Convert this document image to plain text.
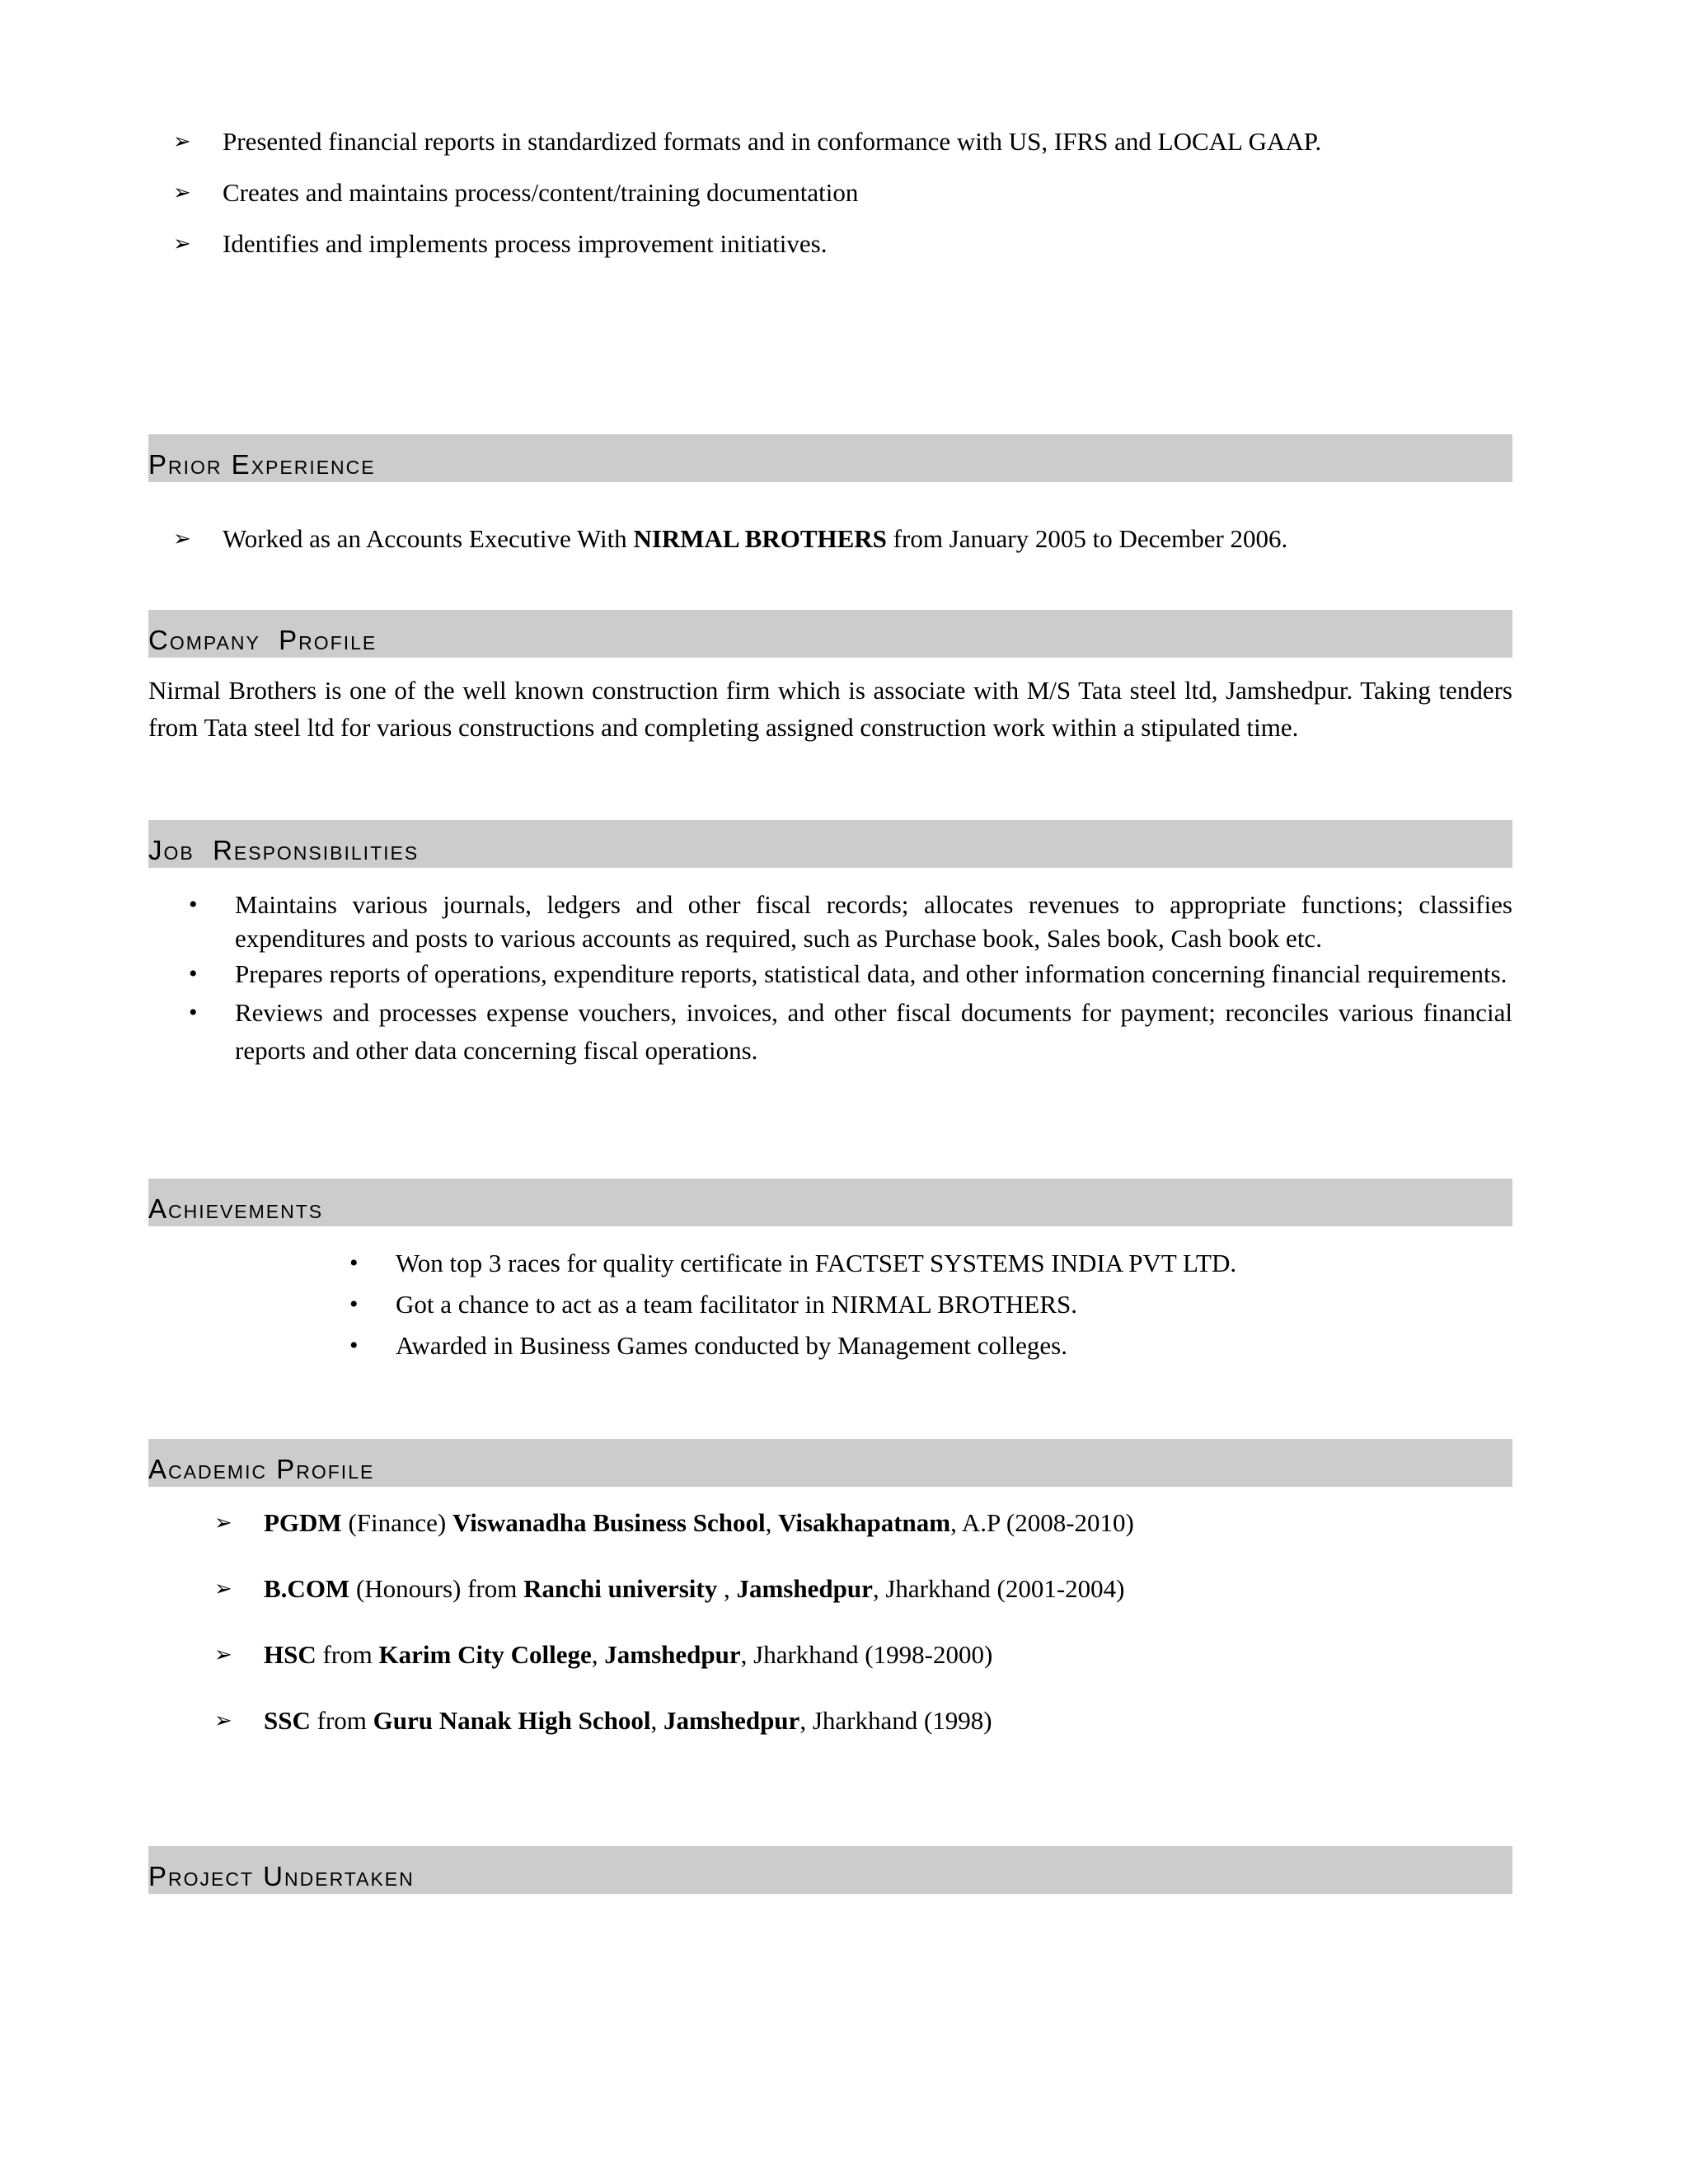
➢ Presented financial reports in standardized formats and in conformance with US, IFRS and LOCAL GAAP.
➢ Creates and maintains process/content/training documentation
➢ Identifies and implements process improvement initiatives.
Prior Experience
➢ Worked as an Accounts Executive With NIRMAL BROTHERS from January 2005 to December 2006.
Company  Profile
Nirmal Brothers is one of the well known construction firm which is associate with M/S Tata steel ltd, Jamshedpur. Taking tenders from Tata steel ltd for various constructions and completing assigned construction work within a stipulated time.
Job  Responsibilities
• Maintains various journals, ledgers and other fiscal records; allocates revenues to appropriate functions; classifies expenditures and posts to various accounts as required, such as Purchase book, Sales book, Cash book etc.
• Prepares reports of operations, expenditure reports, statistical data, and other information concerning financial requirements.
• Reviews and processes expense vouchers, invoices, and other fiscal documents for payment; reconciles various financial reports and other data concerning fiscal operations.
Achievements
• Won top 3 races for quality certificate in FACTSET SYSTEMS INDIA PVT LTD.
• Got a chance to act as a team facilitator in NIRMAL BROTHERS.
• Awarded in Business Games conducted by Management colleges.
Academic Profile
➢ PGDM (Finance) Viswanadha Business School, Visakhapatnam, A.P (2008-2010)
➢ B.COM (Honours) from Ranchi university , Jamshedpur, Jharkhand (2001-2004)
➢ HSC from Karim City College, Jamshedpur, Jharkhand (1998-2000)
➢ SSC from Guru Nanak High School, Jamshedpur, Jharkhand (1998)
Project Undertaken
